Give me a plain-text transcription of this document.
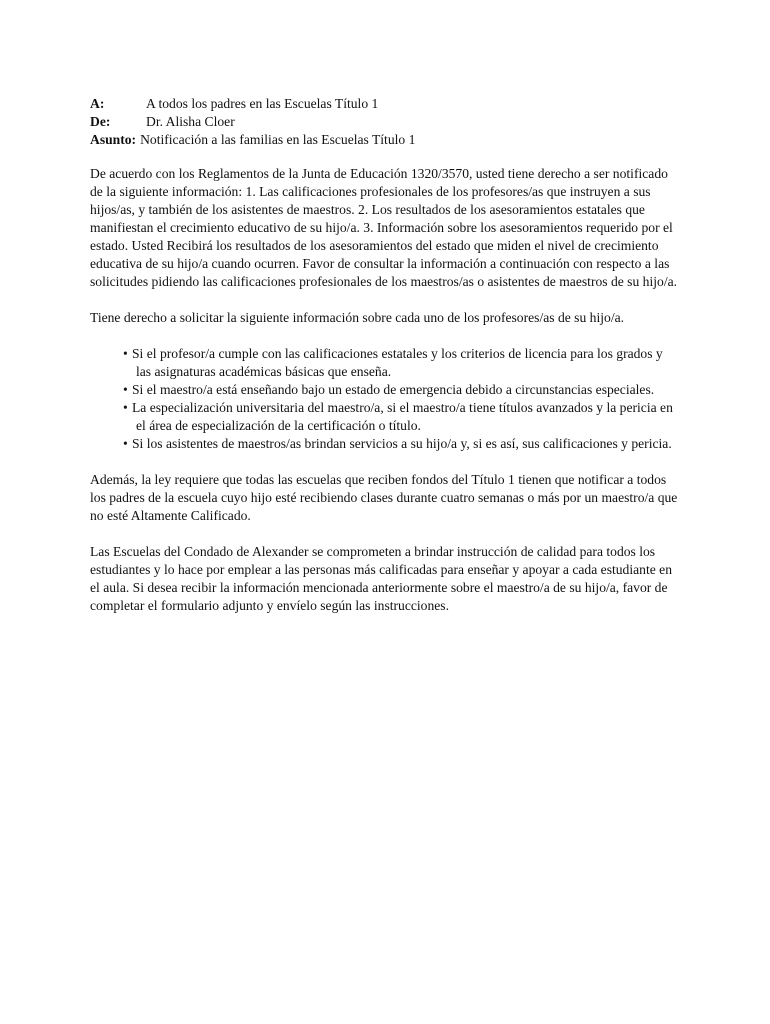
A:	A todos los padres en las Escuelas Título 1
De:	Dr. Alisha Cloer
Asunto: Notificación a las familias en las Escuelas Título 1

De acuerdo con los Reglamentos de la Junta de Educación 1320/3570, usted tiene derecho a ser notificado de la siguiente información: 1. Las calificaciones profesionales de los profesores/as que instruyen a sus hijos/as, y también de los asistentes de maestros. 2. Los resultados de los asesoramientos estatales que manifiestan el crecimiento educativo de su hijo/a. 3. Información sobre los asesoramientos requerido por el estado. Usted Recibirá los resultados de los asesoramientos del estado que miden el nivel de crecimiento educativa de su hijo/a cuando ocurren. Favor de consultar la información a continuación con respecto a las solicitudes pidiendo las calificaciones profesionales de los maestros/as o asistentes de maestros de su hijo/a.

Tiene derecho a solicitar la siguiente información sobre cada uno de los profesores/as de su hijo/a.

• Si el profesor/a cumple con las calificaciones estatales y los criterios de licencia para los grados y las asignaturas académicas básicas que enseña.
• Si el maestro/a está enseñando bajo un estado de emergencia debido a circunstancias especiales.
• La especialización universitaria del maestro/a, si el maestro/a tiene títulos avanzados y la pericia en el área de especialización de la certificación o título.
• Si los asistentes de maestros/as brindan servicios a su hijo/a y, si es así, sus calificaciones y pericia.

Además, la ley requiere que todas las escuelas que reciben fondos del Título 1 tienen que notificar a todos los padres de la escuela cuyo hijo esté recibiendo clases durante cuatro semanas o más por un maestro/a que no esté Altamente Calificado.

Las Escuelas del Condado de Alexander se comprometen a brindar instrucción de calidad para todos los estudiantes y lo hace por emplear a las personas más calificadas para enseñar y apoyar a cada estudiante en el aula. Si desea recibir la información mencionada anteriormente sobre el maestro/a de su hijo/a, favor de completar el formulario adjunto y envíelo según las instrucciones.
